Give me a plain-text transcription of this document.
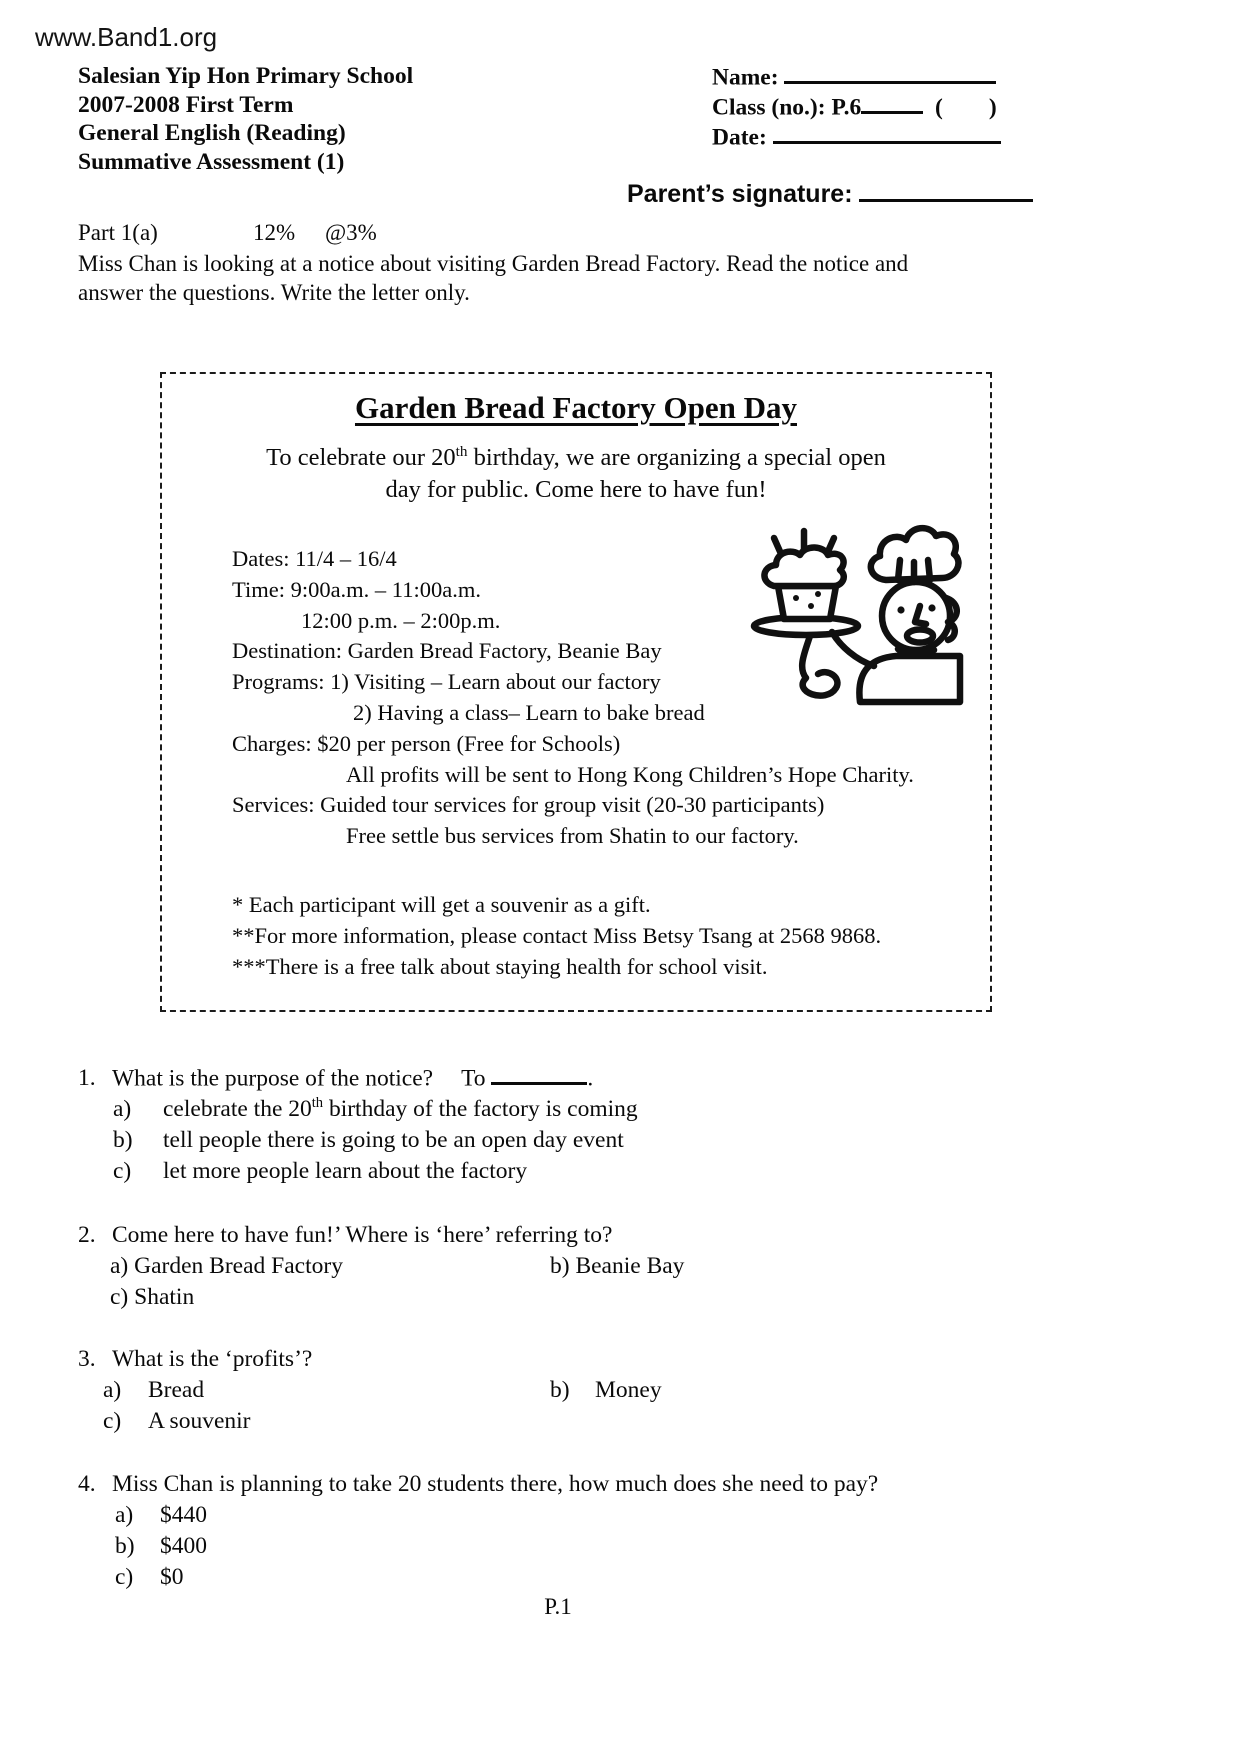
www.Band1.org
Salesian Yip Hon Primary School
2007-2008 First Term
General English (Reading)
Summative Assessment (1)
Name:
Class (no.): P.6	( )
Date:
Parent’s signature:
Part 1(a)	12% @3%
Miss Chan is looking at a notice about visiting Garden Bread Factory. Read the notice and
answer the questions. Write the letter only.
Garden Bread Factory Open Day
To celebrate our 20th birthday, we are organizing a special open
day for public. Come here to have fun!
Dates: 11/4 – 16/4
Time: 9:00a.m. – 11:00a.m.
12:00 p.m. – 2:00p.m.
Destination: Garden Bread Factory, Beanie Bay
Programs: 1) Visiting – Learn about our factory
2) Having a class– Learn to bake bread
Charges: $20 per person (Free for Schools)
All profits will be sent to Hong Kong Children’s Hope Charity.
Services: Guided tour services for group visit (20-30 participants)
Free settle bus services from Shatin to our factory.
* Each participant will get a souvenir as a gift.
**For more information, please contact Miss Betsy Tsang at 2568 9868.
***There is a free talk about staying health for school visit.
1. What is the purpose of the notice? To	.
a) celebrate the 20th birthday of the factory is coming
b) tell people there is going to be an open day event
c) let more people learn about the factory
2. Come here to have fun!’ Where is ‘here’ referring to?
a) Garden Bread Factory	b) Beanie Bay
c) Shatin
3. What is the ‘profits’?
a) Bread	b) Money
c) A souvenir
4. Miss Chan is planning to take 20 students there, how much does she need to pay?
a) $440
b) $400
c) $0
P.1
